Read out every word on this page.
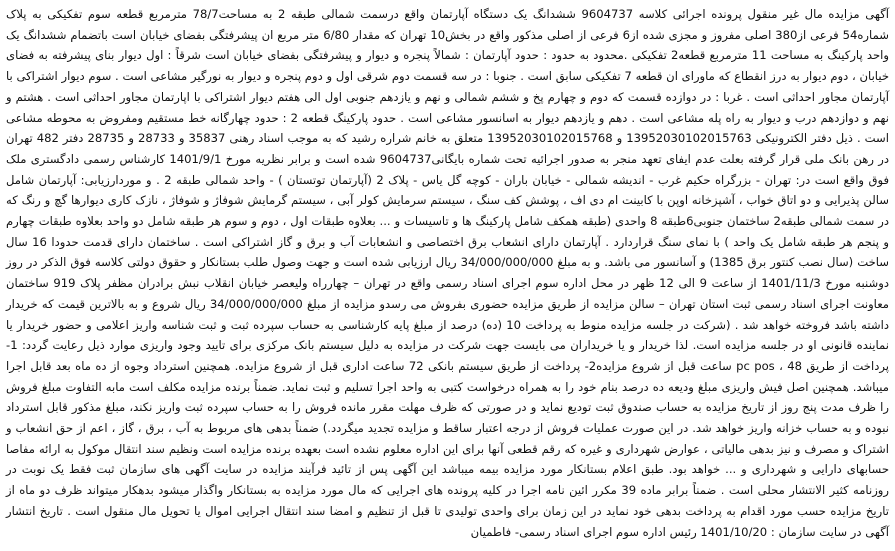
آگهی مزایده مال غیر منقول پرونده اجرائی کلاسه 9604737 ششدانگ یک دستگاه آپارتمان واقع درسمت شمالی طبقه 2 به مساحت78/7 مترمربع قطعه سوم تفکیکی به پلاک شماره54 فرعی از380 اصلی مفروز و مجزی شده از6 فرعی از اصلی مذکور واقع در بخش10 تهران که مقدار 6/80 متر مربع ان پیشرفتگی بفضای خیابان است باتضمام ششدانگ یک واحد پارکینگ به مساحت 11 مترمربع قطعه2 تفکیکی .محدود به حدود : حدود آپارتمان : شمالاً پنجره و دیوار و پیشرفتگی بفضای خیابان است شرقاً : اول دیوار بنای پیشرفته به فضای خیابان ، دوم دیوار به درز انقطاع که ماورای ان قطعه 7 تفکیکی سابق است . جنوبا : در سه قسمت دوم شرقی اول و دوم پنجره و دیوار به نورگیر مشاعی است . سوم دیوار اشتراکی با آپارتمان مجاور احداثی است . غربا : در دوازده قسمت که دوم و چهارم پخ و ششم شمالی و نهم و یازدهم جنوبی اول الی هفتم دیوار اشتراکی با اپارتمان مجاور احداثی است . هشتم و نهم و دوازدهم درب و دیوار به راه پله مشاعی است . دهم و یازدهم دیوار به اسانسور مشاعی است . حدود پارکینگ قطعه 2 : حدود چهارگانه خط مستقیم ومفروض به محوطه مشاعی است . ذیل دفتر الکترونیکی 13952030102015763 و 13952030102015768 متعلق به خانم شراره رشید که به موجب اسناد رهنی 35837 و 28733 و 28735 دفتر 482 تهران در رهن بانک ملی قرار گرفته بعلت عدم ایفای تعهد منجر به صدور اجرائیه تحت شماره بایگانی9604737 شده است و برابر نظریه مورخ 1401/9/1 کارشناس رسمی دادگستری ملک فوق واقع است در: تهران - بزرگراه حکیم غرب - اندیشه شمالی - خیابان باران - کوچه گل یاس - پلاک 2 (آپارتمان توتستان ) - واحد شمالی طبقه 2 . و موردارزیابی: آپارتمان شامل سالن پذیرایی و دو اتاق خواب ، آشپزخانه اوپن با کابینت ام دی اف ، پوشش کف سنگ ، سیستم سرمایش کولر آبی ، سیستم گرمایش شوفاژ و شوفاژ ، نازک کاری دیوارها گچ و رنگ که در سمت شمالی طبقه2 ساختمان جنوبی6طبقه 8 واحدی (طبقه همکف شامل پارکینگ ها و تاسیسات و ... بعلاوه طبقات اول ، دوم و سوم هر طبقه شامل دو واحد بعلاوه طبقات چهارم و پنجم هر طبقه شامل یک واحد ) با نمای سنگ قراردارد . آپارتمان دارای انشعاب برق اختصاصی و انشعابات آب و برق و گاز اشتراکی است . ساختمان دارای قدمت حدودا 16 سال ساخت (سال نصب کنتور برق 1385) و آسانسور می باشد. و به مبلغ 34/000/000/000 ریال ارزیابی شده است و جهت وصول طلب بستانکار و حقوق دولتی کلاسه فوق الذکر در روز دوشنبه مورخ 1401/11/3 از ساعت 9 الی 12 ظهر در محل اداره سوم اجرای اسناد رسمی واقع در تهران – چهارراه ولیعصر خیابان انقلاب نبش برادران مظفر پلاک 919 ساختمان معاونت اجرای اسناد رسمی ثبت استان تهران – سالن مزایده از طریق مزایده حضوری بفروش می رسدو مزایده از مبلغ 34/000/000/000 ریال شروع و به بالاترین قیمت که خریدار داشته باشد فروخته خواهد شد . (شرکت در جلسه مزایده منوط به پرداخت 10 (ده) درصد از مبلغ پایه کارشناسی به حساب سپرده ثبت و ثبت شناسه واریز اعلامی و حضور خریدار یا نماینده قانونی او در جلسه مزایده است. لذا خریدار و یا خریداران می بایست جهت شرکت در مزایده به دلیل سیستم بانک مرکزی برای تایید وجود واریزی موارد ذیل رعایت گردد: 1- پرداخت از طریق pc pos ، 48 ساعت قبل از شروع مزایده2- پرداخت از طریق سیستم بانکی 72 ساعت اداری قبل از شروع مزایده. همچنین استرداد وجوه از ده ماه بعد قابل اجرا میباشد. همچنین اصل فیش واریزی مبلغ ودیعه ده درصد بنام خود را به همراه درخواست کتبی به واحد اجرا تسلیم و ثبت نماید. ضمناً برنده مزایده مکلف است مابه التفاوت مبلغ فروش را ظرف مدت پنج روز از تاریخ مزایده به حساب صندوق ثبت تودیع نماید و در صورتی که ظرف مهلت مقرر مانده فروش را به حساب سپرده ثبت واریز نکند، مبلغ مذکور قابل استرداد نبوده و به حساب خزانه واریز خواهد شد. در این صورت عملیات فروش از درجه اعتبار ساقط و مزایده تجدید میگردد.) ضمناً بدهی های مربوط به آب ، برق ، گاز ، اعم از حق انشعاب و اشتراک و مصرف و نیز بدهی مالیاتی ، عوارض شهرداری و غیره که رقم قطعی آنها برای این اداره معلوم نشده است بعهده برنده مزایده است ونظیم سند انتقال موکول به ارائه مفاصا حسابهای دارایی و شهرداری و ... خواهد بود. طبق اعلام بستانکار مورد مزایده بیمه میباشد این آگهی پس از تائید فرآیند مزایده در سایت آگهی های سازمان ثبت فقط یک نوبت در روزنامه کثیر الانتشار محلی است . ضمناً برابر ماده 39 مکرر ائین نامه اجرا در کلیه پرونده های اجرایی که مال مورد مزایده به بستانکار واگذار میشود بدهکار میتواند ظرف دو ماه از تاریخ مزایده حسب مورد اقدام به پرداخت بدهی خود نماید در این زمان برای واحدی تولیدی تا قبل از تنظیم و امضا سند انتقال اجرایی اموال یا تحویل مال منقول است . تاریخ انتشار آگهی در سایت سازمان : 1401/10/20 رئیس اداره سوم اجرای اسناد رسمی- فاطمیان
